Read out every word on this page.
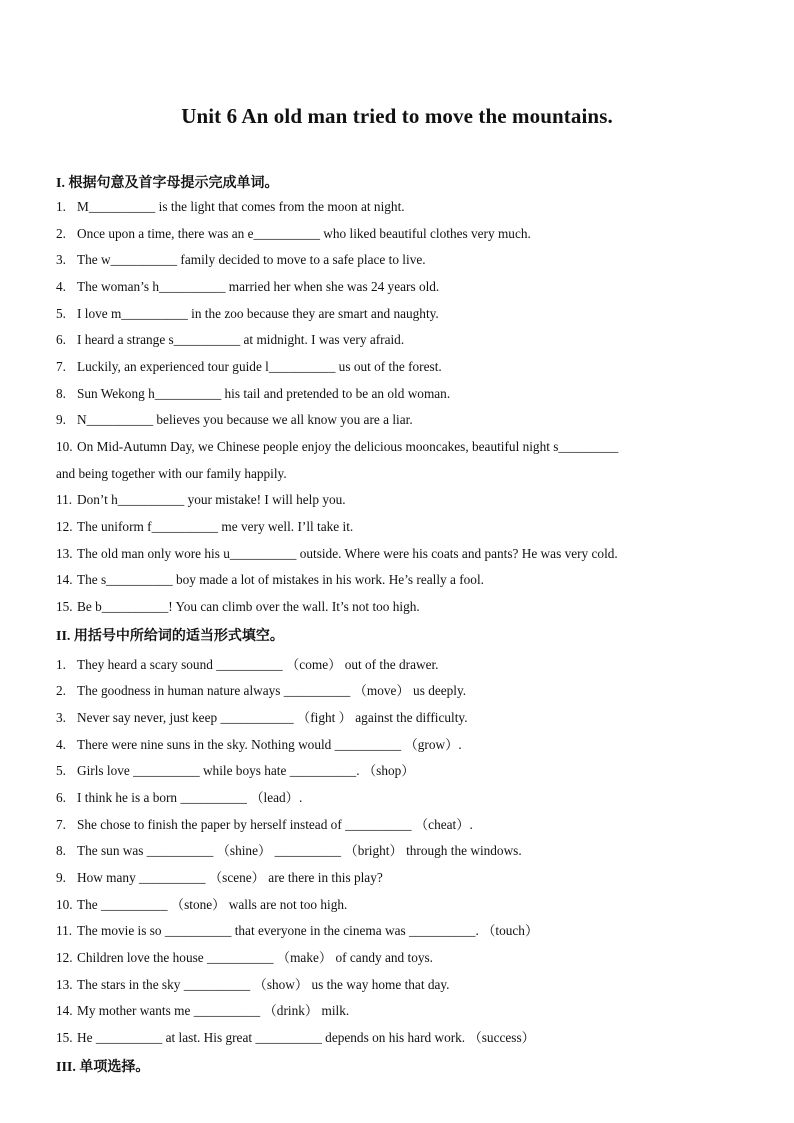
Unit 6 An old man tried to move the mountains.
I. 根据句意及首字母提示完成单词。
1. M__________ is the light that comes from the moon at night.
2. Once upon a time, there was an e__________ who liked beautiful clothes very much.
3. The w__________ family decided to move to a safe place to live.
4. The woman’s h__________ married her when she was 24 years old.
5. I love m__________ in the zoo because they are smart and naughty.
6. I heard a strange s__________ at midnight. I was very afraid.
7. Luckily, an experienced tour guide l__________ us out of the forest.
8. Sun Wekong h__________ his tail and pretended to be an old woman.
9. N__________ believes you because we all know you are a liar.
10. On Mid-Autumn Day, we Chinese people enjoy the delicious mooncakes, beautiful night s_________
and being together with our family happily.
11. Don’t h__________ your mistake! I will help you.
12. The uniform f__________ me very well. I’ll take it.
13. The old man only wore his u__________ outside. Where were his coats and pants? He was very cold.
14. The s__________ boy made a lot of mistakes in his work. He’s really a fool.
15. Be b__________! You can climb over the wall. It’s not too high.
II. 用括号中所给词的适当形式填空。
1. They heard a scary sound __________ （come） out of the drawer.
2. The goodness in human nature always __________ （move） us deeply.
3. Never say never, just keep ___________ （fight ） against the difficulty.
4. There were nine suns in the sky. Nothing would __________ （grow）.
5. Girls love __________ while boys hate __________. （shop）
6. I think he is a born __________ （lead）.
7. She chose to finish the paper by herself instead of __________ （cheat）.
8. The sun was __________ （shine） __________ （bright） through the windows.
9. How many __________ （scene） are there in this play?
10. The __________ （stone） walls are not too high.
11. The movie is so __________ that everyone in the cinema was __________. （touch）
12. Children love the house __________ （make） of candy and toys.
13. The stars in the sky __________ （show） us the way home that day.
14. My mother wants me __________ （drink） milk.
15. He __________ at last. His great __________ depends on his hard work. （success）
III. 单项选择。
